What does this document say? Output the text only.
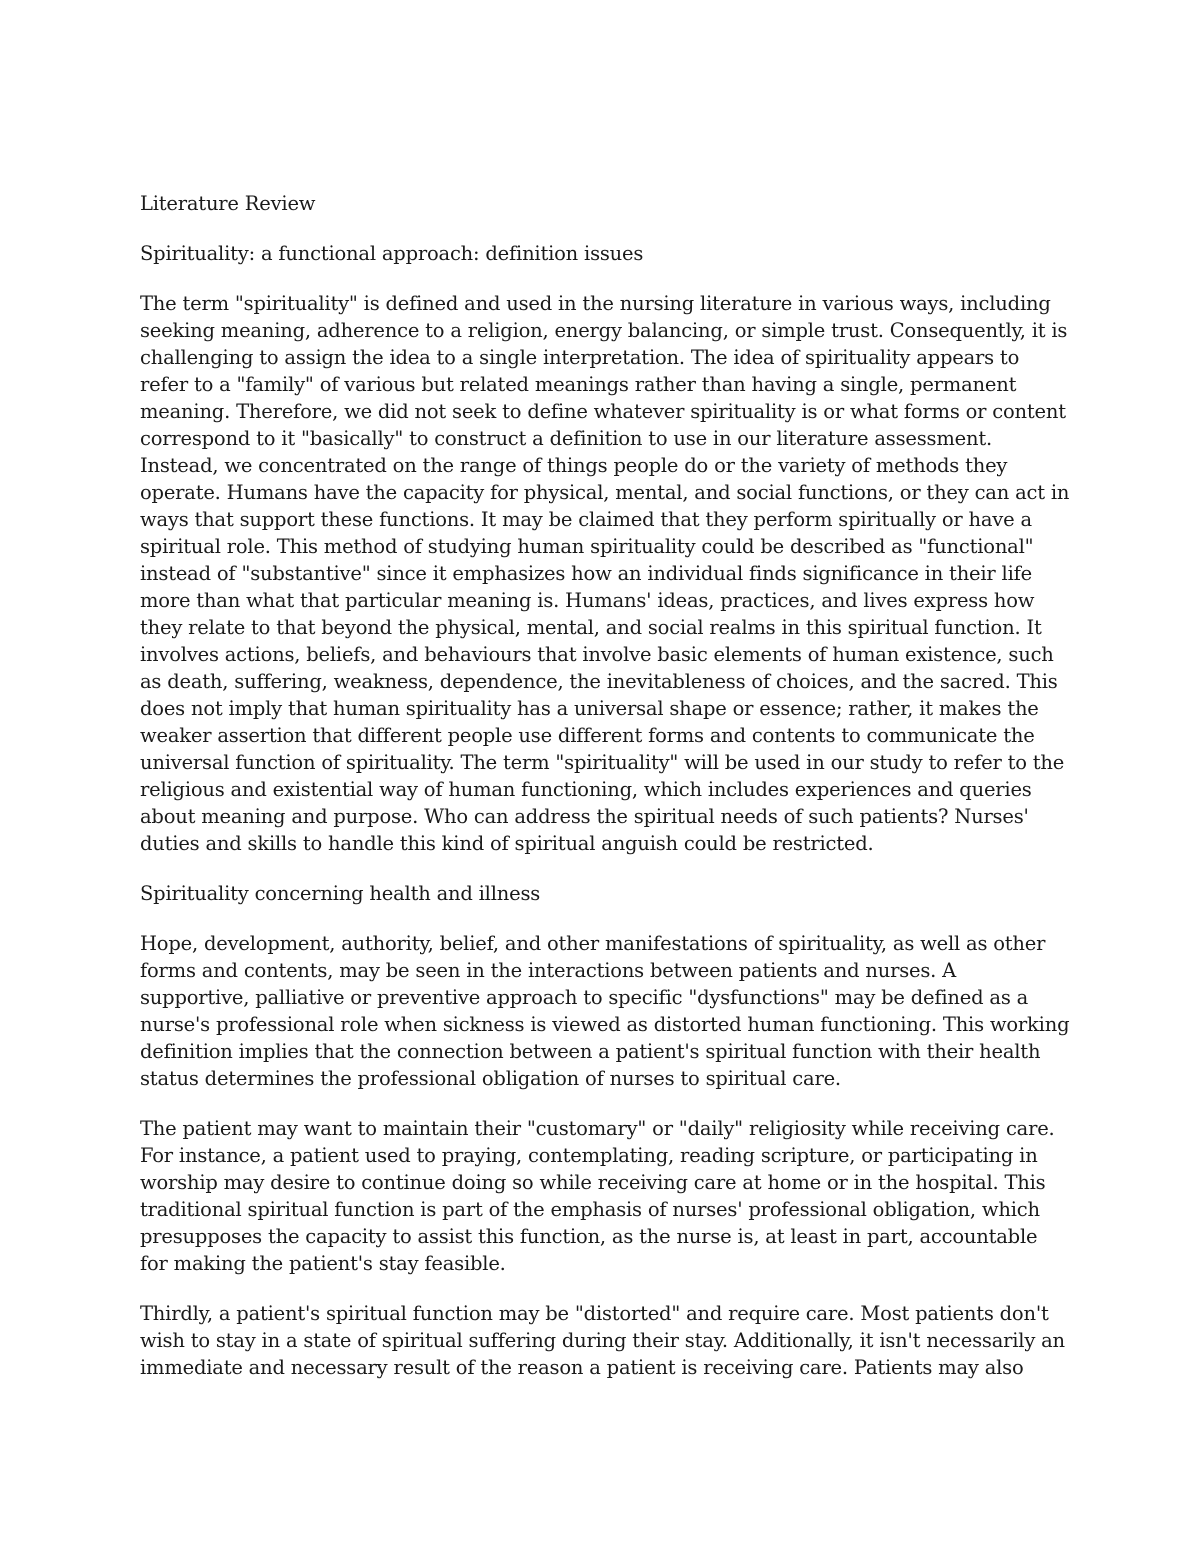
Literature Review

Spirituality: a functional approach: definition issues

The term "spirituality" is defined and used in the nursing literature in various ways, including seeking meaning, adherence to a religion, energy balancing, or simple trust. Consequently, it is challenging to assign the idea to a single interpretation. The idea of spirituality appears to refer to a "family" of various but related meanings rather than having a single, permanent meaning. Therefore, we did not seek to define whatever spirituality is or what forms or content correspond to it "basically" to construct a definition to use in our literature assessment. Instead, we concentrated on the range of things people do or the variety of methods they operate. Humans have the capacity for physical, mental, and social functions, or they can act in ways that support these functions. It may be claimed that they perform spiritually or have a spiritual role. This method of studying human spirituality could be described as "functional" instead of "substantive" since it emphasizes how an individual finds significance in their life more than what that particular meaning is. Humans' ideas, practices, and lives express how they relate to that beyond the physical, mental, and social realms in this spiritual function. It involves actions, beliefs, and behaviours that involve basic elements of human existence, such as death, suffering, weakness, dependence, the inevitableness of choices, and the sacred. This does not imply that human spirituality has a universal shape or essence; rather, it makes the weaker assertion that different people use different forms and contents to communicate the universal function of spirituality. The term "spirituality" will be used in our study to refer to the religious and existential way of human functioning, which includes experiences and queries about meaning and purpose. Who can address the spiritual needs of such patients? Nurses' duties and skills to handle this kind of spiritual anguish could be restricted.

Spirituality concerning health and illness

Hope, development, authority, belief, and other manifestations of spirituality, as well as other forms and contents, may be seen in the interactions between patients and nurses. A supportive, palliative or preventive approach to specific "dysfunctions" may be defined as a nurse's professional role when sickness is viewed as distorted human functioning. This working definition implies that the connection between a patient's spiritual function with their health status determines the professional obligation of nurses to spiritual care.

The patient may want to maintain their "customary" or "daily" religiosity while receiving care. For instance, a patient used to praying, contemplating, reading scripture, or participating in worship may desire to continue doing so while receiving care at home or in the hospital. This traditional spiritual function is part of the emphasis of nurses' professional obligation, which presupposes the capacity to assist this function, as the nurse is, at least in part, accountable for making the patient's stay feasible.

Thirdly, a patient's spiritual function may be "distorted" and require care. Most patients don't wish to stay in a state of spiritual suffering during their stay. Additionally, it isn't necessarily an immediate and necessary result of the reason a patient is receiving care. Patients may also
